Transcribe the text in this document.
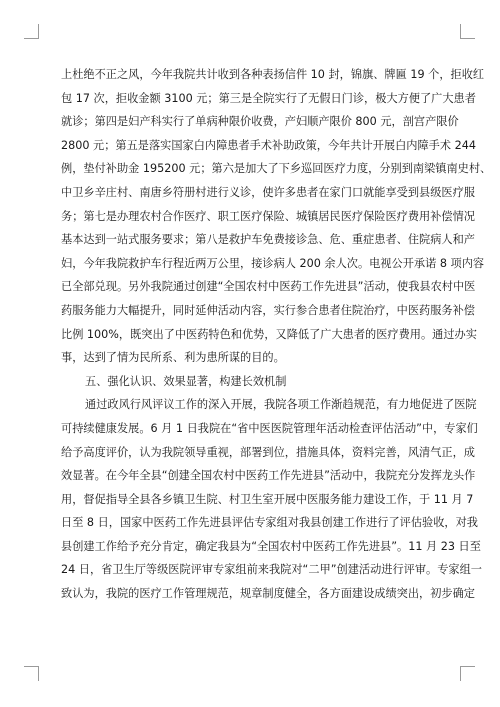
上杜绝不正之风，今年我院共计收到各种表扬信件 10 封，锦旗、牌匾 19 个，拒收红
包 17 次，拒收金额 3100 元；第三是全院实行了无假日门诊，极大方便了广大患者
就诊；第四是妇产科实行了单病种限价收费，产妇顺产限价 800 元，剖宫产限价
2800 元；第五是落实国家白内障患者手术补助政策，今年共计开展白内障手术 244
例，垫付补助金 195200 元；第六是加大了下乡巡回医疗力度，分别到南梁镇南史村、
中卫乡辛庄村、南唐乡符册村进行义诊，使许多患者在家门口就能享受到县级医疗服
务；第七是办理农村合作医疗、职工医疗保险、城镇居民医疗保险医疗费用补偿情况
基本达到一站式服务要求；第八是救护车免费接诊急、危、重症患者、住院病人和产
妇，今年我院救护车行程近两万公里，接诊病人 200 余人次。电视公开承诺 8 项内容
已全部兑现。另外我院通过创建“全国农村中医药工作先进县”活动，使我县农村中医
药服务能力大幅提升，同时延伸活动内容，实行参合患者住院治疗，中医药服务补偿
比例 100%，既突出了中医药特色和优势，又降低了广大患者的医疗费用。通过办实
事，达到了情为民所系、利为患所谋的目的。
五、强化认识、效果显著，构建长效机制
通过政风行风评议工作的深入开展，我院各项工作渐趋规范，有力地促进了医院
可持续健康发展。6 月 1 日我院在“省中医医院管理年活动检查评估活动”中，专家们
给予高度评价，认为我院领导重视，部署到位，措施具体，资料完善，风清气正，成
效显著。在今年全县“创建全国农村中医药工作先进县”活动中，我院充分发挥龙头作
用，督促指导全县各乡镇卫生院、村卫生室开展中医服务能力建设工作，于 11 月 7
日至 8 日，国家中医药工作先进县评估专家组对我县创建工作进行了评估验收，对我
县创建工作给予充分肯定，确定我县为“全国农村中医药工作先进县”。11 月 23 日至
24 日，省卫生厅等级医院评审专家组前来我院对“二甲”创建活动进行评审。专家组一
致认为，我院的医疗工作管理规范，规章制度健全，各方面建设成绩突出，初步确定
